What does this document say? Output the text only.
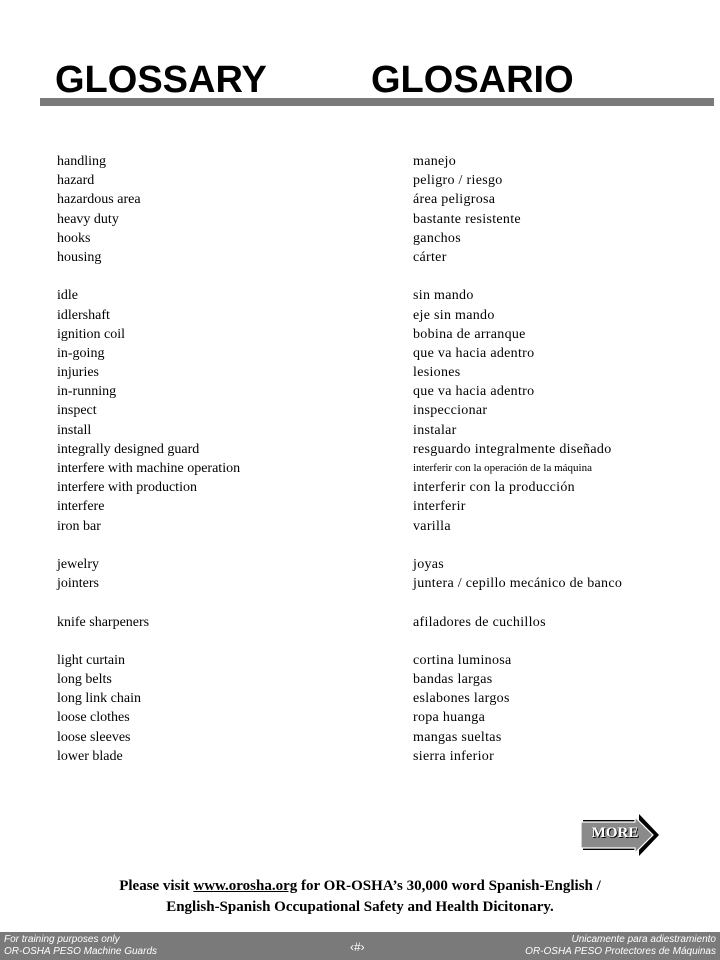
GLOSSARY	GLOSARIO
handling	manejo
hazard	peligro / riesgo
hazardous area	área peligrosa
heavy duty	bastante resistente
hooks	ganchos
housing	cárter
idle	sin mando
idlershaft	eje sin mando
ignition coil	bobina de arranque
in-going	que va hacia adentro
injuries	lesiones
in-running	que va hacia adentro
inspect	inspeccionar
install	instalar
integrally designed guard	resguardo integralmente diseñado
interfere with machine operation	interferir con la operación de la máquina
interfere with production	interferir con la producción
interfere	interferir
iron bar	varilla
jewelry	joyas
jointers	juntera / cepillo mecánico de banco
knife sharpeners	afiladores de cuchillos
light curtain	cortina luminosa
long belts	bandas largas
long link chain	eslabones largos
loose clothes	ropa huanga
loose sleeves	mangas sueltas
lower blade	sierra inferior
MORE
Please visit www.orosha.org for OR-OSHA’s 30,000 word Spanish-English /
English-Spanish Occupational Safety and Health Dicitonary.
For training purposes only
OR-OSHA PESO Machine Guards	‹#›
Unicamente para adiestramiento
OR-OSHA PESO Protectores de Máquinas
